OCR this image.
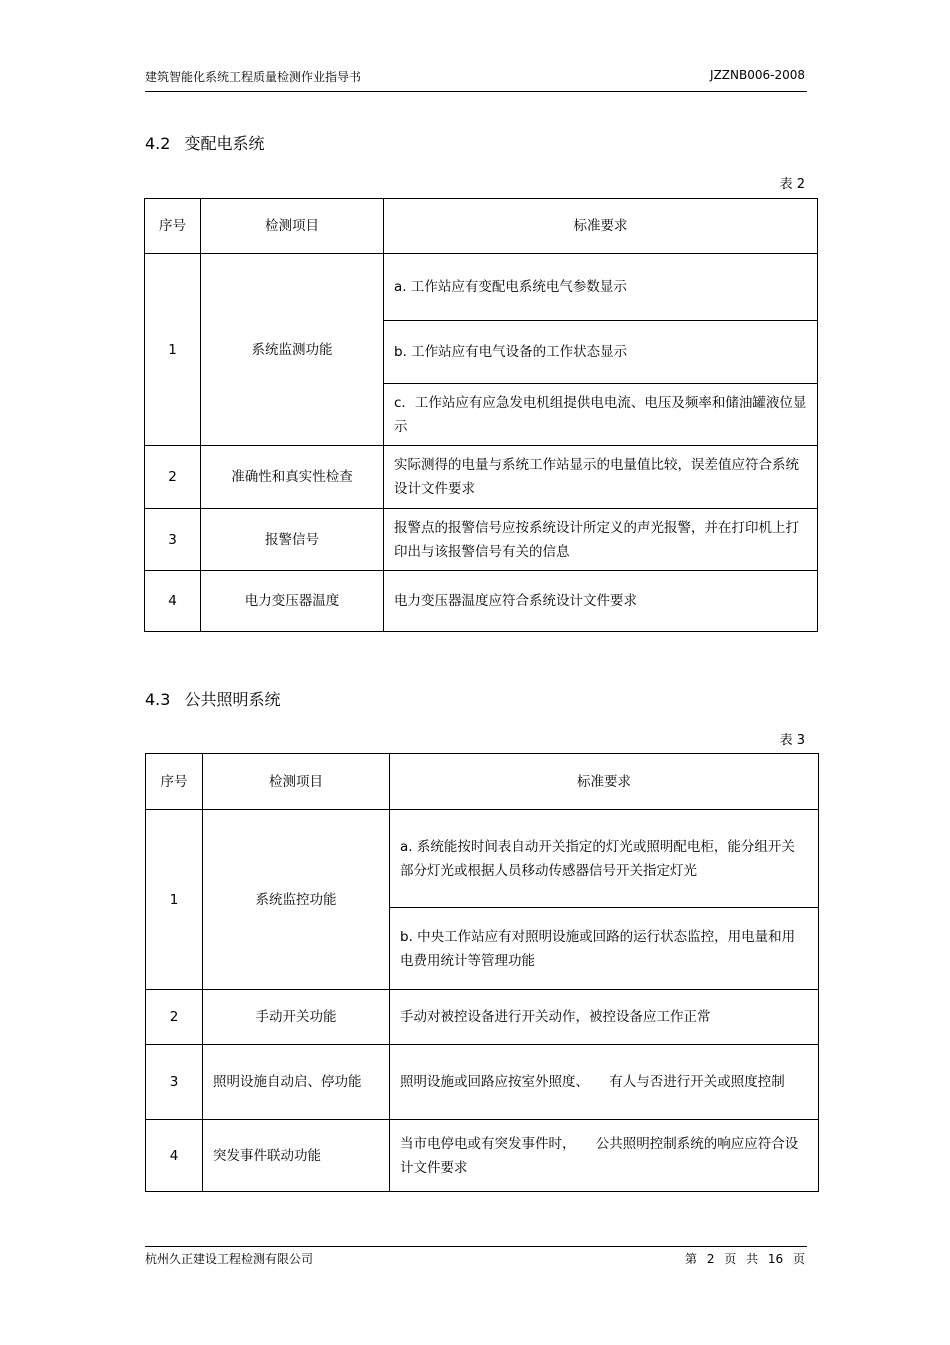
建筑智能化系统工程质量检测作业指导书	JZZNB006-2008
4.2 变配电系统
表 2
序号	检测项目	标准要求
1	系统监测功能	a. 工作站应有变配电系统电气参数显示
		b. 工作站应有电气设备的工作状态显示
		c．工作站应有应急发电机组提供电电流、电压及频率和储油罐液位显示
2	准确性和真实性检查	实际测得的电量与系统工作站显示的电量值比较，误差值应符合系统设计文件要求
3	报警信号	报警点的报警信号应按系统设计所定义的声光报警，并在打印机上打印出与该报警信号有关的信息
4	电力变压器温度	电力变压器温度应符合系统设计文件要求
4.3 公共照明系统
表 3
序号	检测项目	标准要求
1	系统监控功能	a. 系统能按时间表自动开关指定的灯光或照明配电柜，能分组开关部分灯光或根据人员移动传感器信号开关指定灯光
		b. 中央工作站应有对照明设施或回路的运行状态监控，用电量和用电费用统计等管理功能
2	手动开关功能	手动对被控设备进行开关动作，被控设备应工作正常
3	照明设施自动启、停功能	照明设施或回路应按室外照度、　　有人与否进行开关或照度控制
4	突发事件联动功能	当市电停电或有突发事件时，　　公共照明控制系统的响应应符合设计文件要求
杭州久正建设工程检测有限公司	第 2 页 共 16 页
